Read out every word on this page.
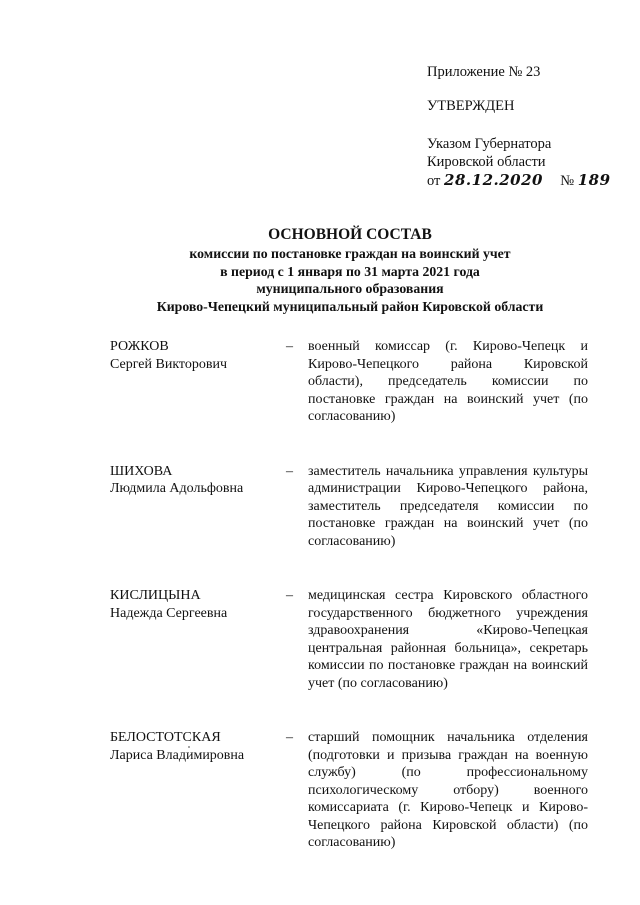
Приложение № 23
УТВЕРЖДЕН
Указом Губернатора
Кировской области
от 28.12.2020 № 189
ОСНОВНОЙ СОСТАВ
комиссии по постановке граждан на воинский учет
в период с 1 января по 31 марта 2021 года
муниципального образования
Кирово-Чепецкий муниципальный район Кировской области
РОЖКОВ
Сергей Викторович
–	военный комиссар (г. Кирово-Чепецк и Кирово-Чепецкого района Кировской области), председатель комиссии по постановке граждан на воинский учет (по согласованию)
ШИХОВА
Людмила Адольфовна
–	заместитель начальника управления культуры администрации Кирово-Чепецкого района, заместитель председателя комиссии по постановке граждан на воинский учет (по согласованию)
КИСЛИЦЫНА
Надежда Сергеевна
–	медицинская сестра Кировского областного государственного бюджетного учреждения здравоохранения «Кирово-Чепецкая центральная районная больница», секретарь комиссии по постановке граждан на воинский учет (по согласованию)
БЕЛОСТОТСКАЯ
Лариса Владимировна
–	старший помощник начальника отделения (подготовки и призыва граждан на военную службу) (по профессиональному психологическому отбору) военного комиссариата (г. Кирово-Чепецк и Кирово-Чепецкого района Кировской области) (по согласованию)
